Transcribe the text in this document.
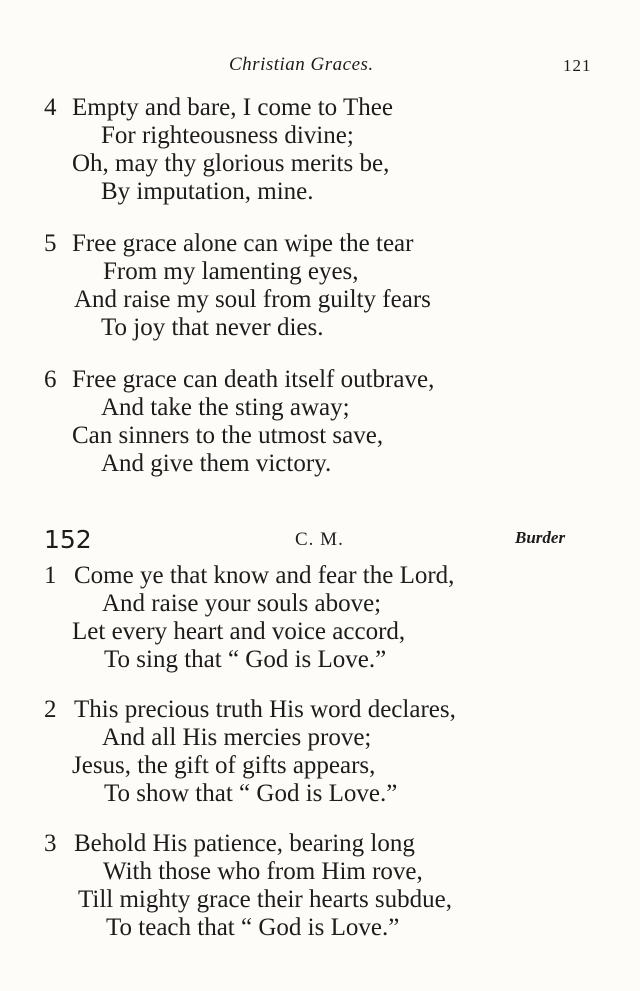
Christian Graces.	121
4 Empty and bare, I come to Thee
For righteousness divine;
Oh, may thy glorious merits be,
By imputation, mine.
5 Free grace alone can wipe the tear
From my lamenting eyes,
And raise my soul from guilty fears
To joy that never dies.
6 Free grace can death itself outbrave,
And take the sting away;
Can sinners to the utmost save,
And give them victory.
152	C. M.	Burder
1 Come ye that know and fear the Lord,
And raise your souls above;
Let every heart and voice accord,
To sing that “ God is Love.”
2 This precious truth His word declares,
And all His mercies prove;
Jesus, the gift of gifts appears,
To show that “ God is Love.”
3 Behold His patience, bearing long
With those who from Him rove,
Till mighty grace their hearts subdue,
To teach that “ God is Love.”
